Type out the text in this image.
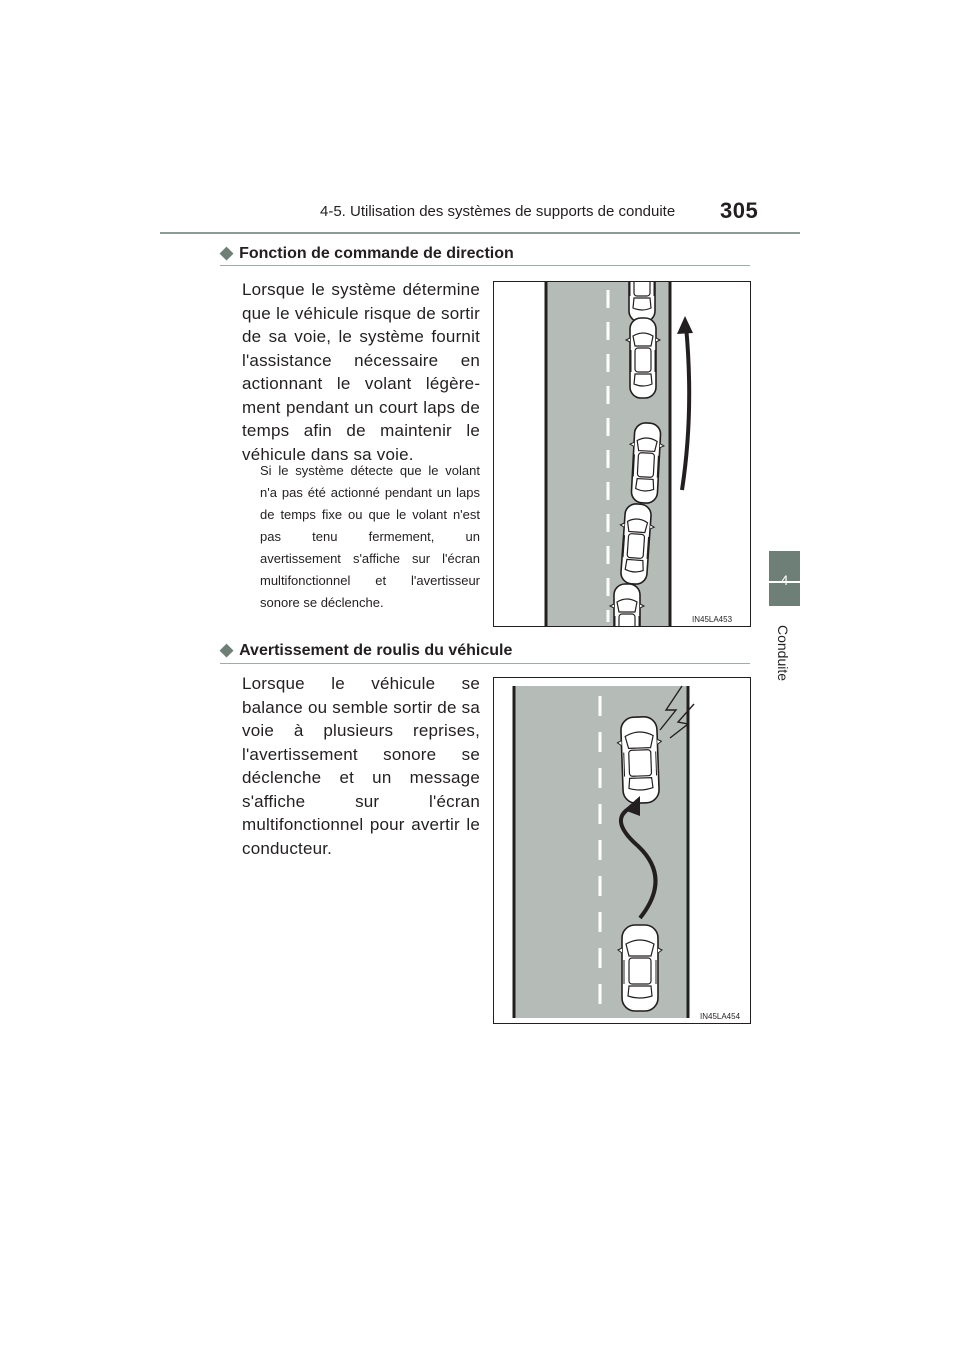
4-5. Utilisation des systèmes de supports de conduite 305
4
Conduite
◆ Fonction de commande de direction
Lorsque le système détermine que le véhicule risque de sortir de sa voie, le système fournit l'assistance nécessaire en actionnant le volant légèrement pendant un court laps de temps afin de maintenir le véhicule dans sa voie.
Si le système détecte que le volant n'a pas été actionné pendant un laps de temps fixe ou que le volant n'est pas tenu fermement, un avertissement s'affiche sur l'écran multifonctionnel et l'avertisseur sonore se déclenche.
IN45LA453
◆ Avertissement de roulis du véhicule
Lorsque le véhicule se balance ou semble sortir de sa voie à plusieurs reprises, l'avertissement sonore se déclenche et un message s'affiche sur l'écran multifonctionnel pour avertir le conducteur.
IN45LA454
